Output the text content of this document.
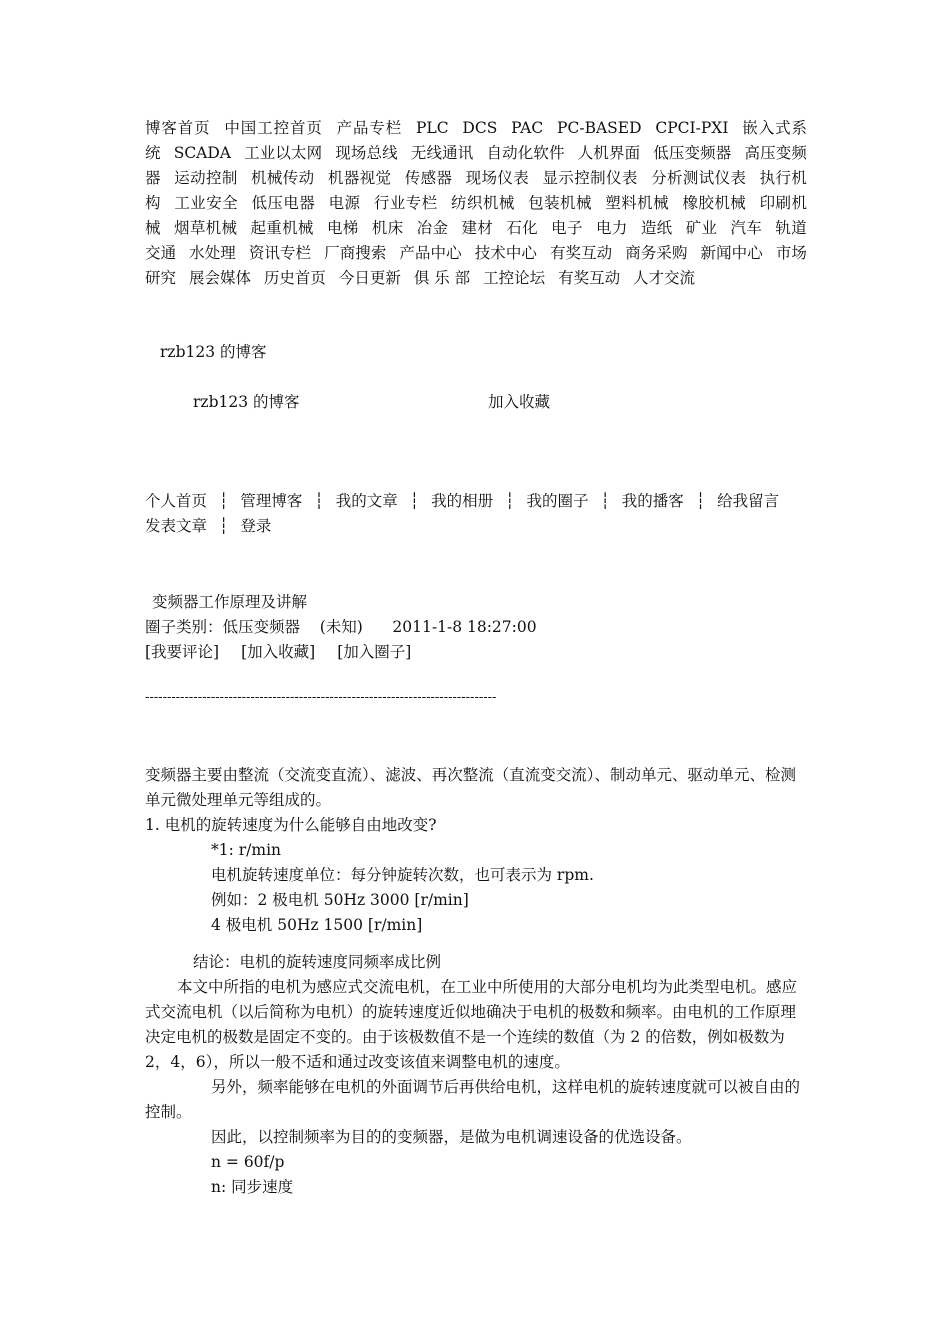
博客首页 中国工控首页 产品专栏 PLC DCS PAC PC-BASED CPCI-PXI 嵌入式系统 SCADA 工业以太网 现场总线 无线通讯 自动化软件 人机界面 低压变频器 高压变频器 运动控制 机械传动 机器视觉 传感器 现场仪表 显示控制仪表 分析测试仪表 执行机构 工业安全 低压电器 电源 行业专栏 纺织机械 包装机械 塑料机械 橡胶机械 印刷机械 烟草机械 起重机械 电梯 机床 冶金 建材 石化 电子 电力 造纸 矿业 汽车 轨道交通 水处理 资讯专栏 厂商搜索 产品中心 技术中心 有奖互动 商务采购 新闻中心 市场研究 展会媒体 历史首页 今日更新 俱 乐 部 工控论坛 有奖互动 人才交流
rzb123 的博客
rzb123 的博客	加入收藏
个人首页 ┆ 管理博客 ┆ 我的文章 ┆ 我的相册 ┆ 我的圈子 ┆ 我的播客 ┆ 给我留言 发表文章 ┆ 登录
变频器工作原理及讲解
圈子类别：低压变频器 (未知) 2011-1-8 18:27:00
[我要评论] [加入收藏] [加入圈子]
--------------------------------------------------------------------------------

变频器主要由整流（交流变直流）、滤波、再次整流（直流变交流）、制动单元、驱动单元、检测单元微处理单元等组成的。

1. 电机的旋转速度为什么能够自由地改变?

*1: r/min

电机旋转速度单位：每分钟旋转次数，也可表示为 rpm.

例如：2 极电机 50Hz 3000 [r/min]

4 极电机 50Hz 1500 [r/min]

结论：电机的旋转速度同频率成比例

本文中所指的电机为感应式交流电机，在工业中所使用的大部分电机均为此类型电机。感应式交流电机（以后简称为电机）的旋转速度近似地确决于电机的极数和频率。由电机的工作原理决定电机的极数是固定不变的。由于该极数值不是一个连续的数值（为 2 的倍数，例如极数为 2，4，6），所以一般不适和通过改变该值来调整电机的速度。

另外，频率能够在电机的外面调节后再供给电机，这样电机的旋转速度就可以被自由的控制。

因此，以控制频率为目的的变频器，是做为电机调速设备的优选设备。

n = 60f/p

n: 同步速度
